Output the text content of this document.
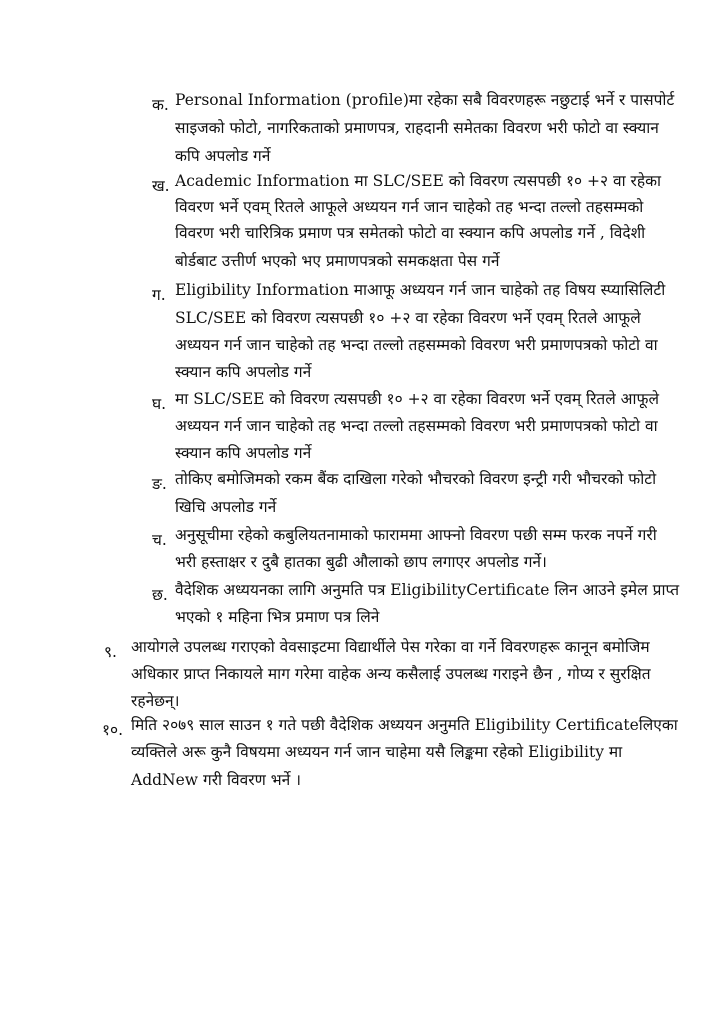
क. Personal Information (profile)मा रहेका सबै विवरणहरू नछुटाई भर्ने र पासपोर्ट
साइजको फोटो, नागरिकताको प्रमाणपत्र, राहदानी समेतका विवरण भरी फोटो वा स्क्यान
कपि अपलोड गर्ने
ख. Academic Information मा SLC/SEE को विवरण त्यसपछी १० +२ वा रहेका
विवरण भर्ने एवम् रितले आफूले अध्ययन गर्न जान चाहेको तह भन्दा तल्लो तहसम्मको
विवरण भरी चारित्रिक प्रमाण पत्र समेतको फोटो वा स्क्यान कपि अपलोड गर्ने , विदेशी
बोर्डबाट उत्तीर्ण भएको भए प्रमाणपत्रको समकक्षता पेस गर्ने
ग. Eligibility Information माआफू अध्ययन गर्न जान चाहेको तह विषय स्प्यासिलिटी
SLC/SEE को विवरण त्यसपछी १० +२ वा रहेका विवरण भर्ने एवम् रितले आफूले
अध्ययन गर्न जान चाहेको तह भन्दा तल्लो तहसम्मको विवरण भरी प्रमाणपत्रको फोटो वा
स्क्यान कपि अपलोड गर्ने
घ. मा SLC/SEE को विवरण त्यसपछी १० +२ वा रहेका विवरण भर्ने एवम् रितले आफूले
अध्ययन गर्न जान चाहेको तह भन्दा तल्लो तहसम्मको विवरण भरी प्रमाणपत्रको फोटो वा
स्क्यान कपि अपलोड गर्ने
ङ. तोकिए बमोजिमको रकम बैंक दाखिला गरेको भौचरको विवरण इन्ट्री गरी भौचरको फोटो
खिचि अपलोड गर्ने
च. अनुसूचीमा रहेको कबुलियतनामाको फाराममा आफ्नो विवरण पछी सम्म फरक नपर्ने गरी
भरी हस्ताक्षर र दुबै हातका बुढी औलाको छाप लगाएर अपलोड गर्ने।
छ. वैदेशिक अध्ययनका लागि अनुमति पत्र EligibilityCertificate लिन आउने इमेल प्राप्त
भएको १ महिना भित्र प्रमाण पत्र लिने
९. आयोगले उपलब्ध गराएको वेवसाइटमा विद्यार्थीले पेस गरेका वा गर्ने विवरणहरू कानून बमोजिम
अधिकार प्राप्त निकायले माग गरेमा वाहेक अन्य कसैलाई उपलब्ध गराइने छैन , गोप्य र सुरक्षित
रहनेछन्।
१०. मिति २०७९ साल साउन १ गते पछी वैदेशिक अध्ययन अनुमति Eligibility Certificateलिएका
व्यक्तिले अरू कुनै विषयमा अध्ययन गर्न जान चाहेमा यसै लिङ्कमा रहेको Eligibility मा
AddNew गरी विवरण भर्ने ।
